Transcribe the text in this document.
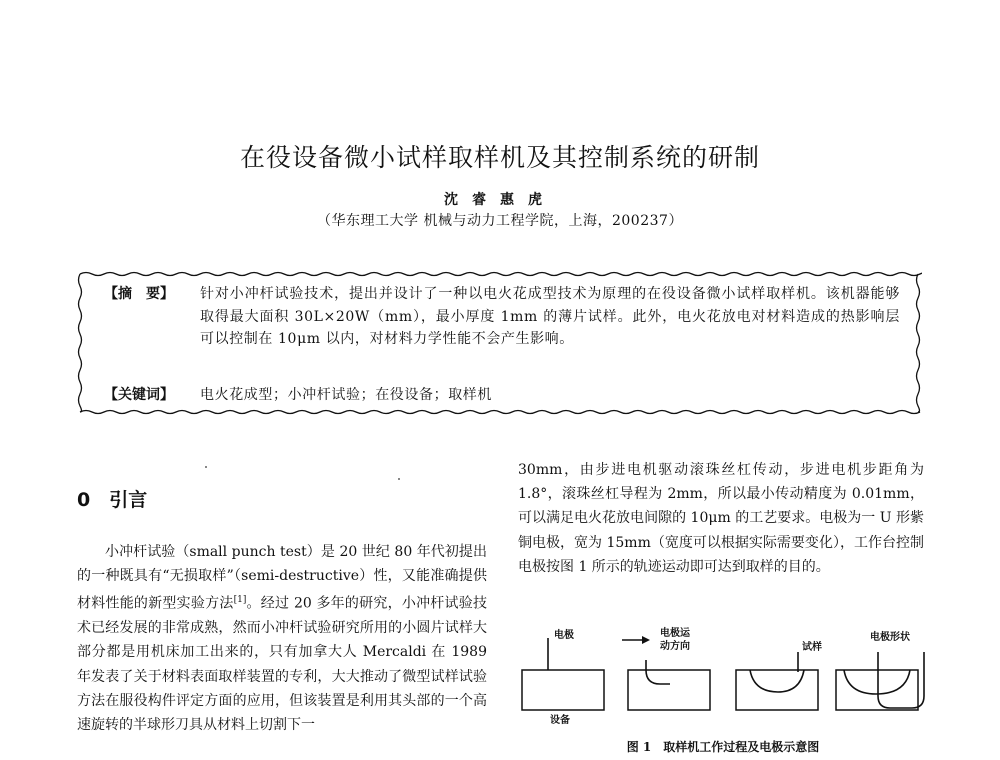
在役设备微小试样取样机及其控制系统的研制
沈睿惠虎
（华东理工大学 机械与动力工程学院，上海，200237）
【摘　要】 针对小冲杆试验技术，提出并设计了一种以电火花成型技术为原理的在役设备微小试样取样机。该机器能够取得最大面积 30L×20W（mm），最小厚度 1mm 的薄片试样。此外，电火花放电对材料造成的热影响层可以控制在 10μm 以内，对材料力学性能不会产生影响。
【关键词】 电火花成型；小冲杆试验；在役设备；取样机
0　引言

小冲杆试验（small punch test）是 20 世纪 80 年代初提出的一种既具有“无损取样”（semi-destructive）性，又能准确提供材料性能的新型实验方法[1]。经过 20 多年的研究，小冲杆试验技术已经发展的非常成熟，然而小冲杆试验研究所用的小圆片试样大部分都是用机床加工出来的，只有加拿大人 Mercaldi 在 1989 年发表了关于材料表面取样装置的专利，大大推动了微型试样试验方法在服役构件评定方面的应用，但该装置是利用其头部的一个高速旋转的半球形刀具从材料上切割下一

30mm，由步进电机驱动滚珠丝杠传动，步进电机步距角为 1.8°，滚珠丝杠导程为 2mm，所以最小传动精度为 0.01mm，可以满足电火花放电间隙的 10μm 的工艺要求。电极为一 U 形紫铜电极，宽为 15mm（宽度可以根据实际需要变化），工作台控制电极按图 1 所示的轨迹运动即可达到取样的目的。

电极	电极运
动方向	试样
电极形状
设备
图 1　取样机工作过程及电极示意图
